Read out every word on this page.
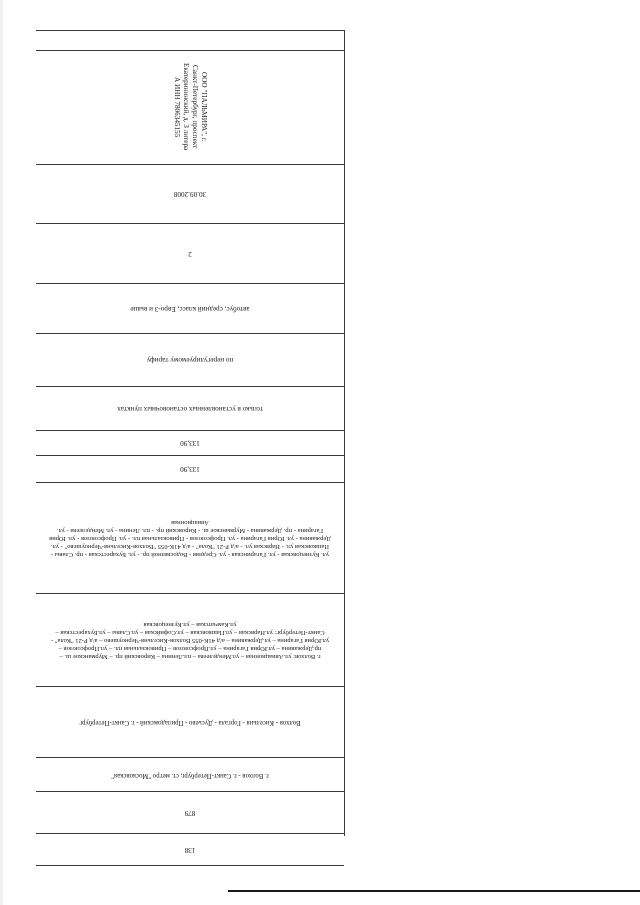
ООО "ПАЛЬМИРА", г. Санкт-Петербург, проспект Екатерининский, д. 3 литера А ИНН 7806345155
30.09.2008
2
автобус, средний класс, Евро-3 и выше
по нерегулируемому тарифу
только в установленных остановочных пунктах
133,90
133,90
ул. Кузнецовская - ул. Гагаринская - ул. Средняя - Водосвязной пр. - ул. Бухарестская - пр. Славы - Пашковская ул. - Нарвская ул. - а/д Р-21 "Кола" - а/д 41К-055 "Волхов-Кисельня-Черноушево" - ул. Державина - ул. Юрия Гагарина - ул. Профсоюзов - Привокзальная пл. - ул. Профсоюзов - ул. Юрия Гагарина - пр. Державина - Мурманское ш. - Кировский пр. - пл. Ленина - ул. Менделеева - ул. Авиационная
г. Волхов: ул.Авиационная – ул.Менделеева – пл.Ленина – Кировский пр. – Мурманское ш. – пр.Державина – ул.Юрия Гагарина – ул.Профсоюзов – Привокзальная пл. – ул.Профсоюзов – ул.Юрия Гагарина – ул.Державина – а/д 41К-055 Волхов-Кисельня-Черноушево – а/д Р-21 "Кола" - Санкт-Петербург: ул.Нарвская – ул.Пашковская – ул.Софийская – ул.Славы – ул.Бухарестская – ул.Камчатская – ул.Кузнецовская
Волхов - Кисельня - Горгала - Дусьево - Приладожский - г. Санкт-Петербург
г. Волхов - г. Санкт-Петербург, ст. метро "Московская"
879
138
